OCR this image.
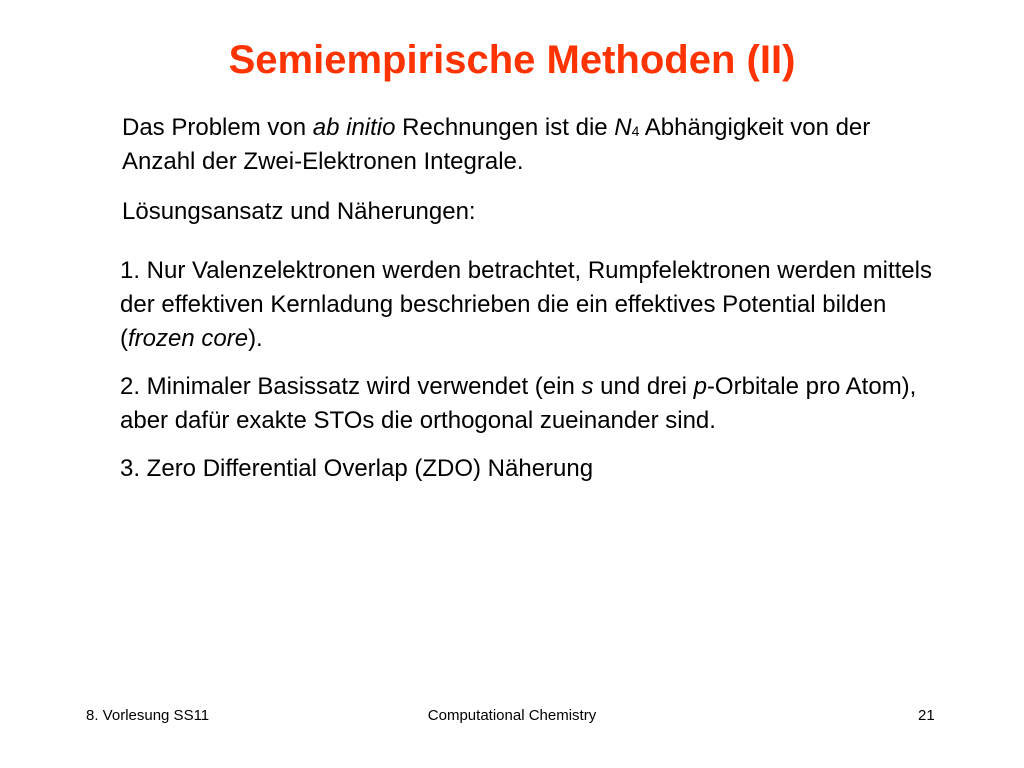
Semiempirische Methoden (II)
Das Problem von ab initio Rechnungen ist die $N^4$ Abhängigkeit von der Anzahl der Zwei-Elektronen Integrale.
Lösungsansatz und Näherungen:
1. Nur Valenzelektronen werden betrachtet, Rumpfelektronen werden mittels der effektiven Kernladung beschrieben die ein effektives Potential bilden (frozen core).
2. Minimaler Basissatz wird verwendet (ein s und drei p-Orbitale pro Atom), aber dafür exakte STOs die orthogonal zueinander sind.
3. Zero Differential Overlap (ZDO) Näherung
8. Vorlesung SS11	Computational Chemistry	21
